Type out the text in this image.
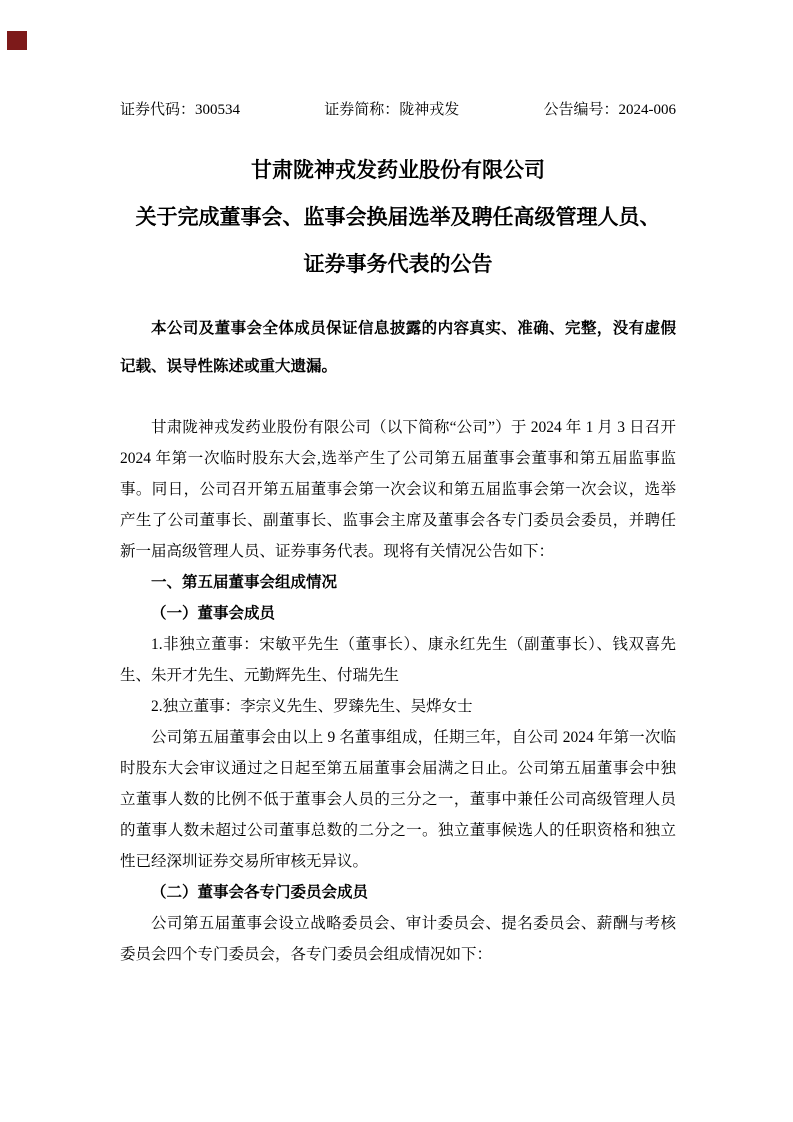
证券代码：300534	证券简称：陇神戎发	公告编号：2024-006
甘肃陇神戎发药业股份有限公司
关于完成董事会、监事会换届选举及聘任高级管理人员、
证券事务代表的公告
本公司及董事会全体成员保证信息披露的内容真实、准确、完整，没有虚假记载、误导性陈述或重大遗漏。

甘肃陇神戎发药业股份有限公司（以下简称“公司”）于 2024 年 1 月 3 日召开 2024 年第一次临时股东大会,选举产生了公司第五届董事会董事和第五届监事监事。同日，公司召开第五届董事会第一次会议和第五届监事会第一次会议，选举产生了公司董事长、副董事长、监事会主席及董事会各专门委员会委员，并聘任新一届高级管理人员、证券事务代表。现将有关情况公告如下：

一、第五届董事会组成情况

（一）董事会成员

1.非独立董事：宋敏平先生（董事长）、康永红先生（副董事长）、钱双喜先生、朱开才先生、元勤辉先生、付瑞先生

2.独立董事：李宗义先生、罗臻先生、吴烨女士

公司第五届董事会由以上 9 名董事组成，任期三年，自公司 2024 年第一次临时股东大会审议通过之日起至第五届董事会届满之日止。公司第五届董事会中独立董事人数的比例不低于董事会人员的三分之一，董事中兼任公司高级管理人员的董事人数未超过公司董事总数的二分之一。独立董事候选人的任职资格和独立性已经深圳证券交易所审核无异议。

（二）董事会各专门委员会成员

公司第五届董事会设立战略委员会、审计委员会、提名委员会、薪酬与考核委员会四个专门委员会，各专门委员会组成情况如下：
